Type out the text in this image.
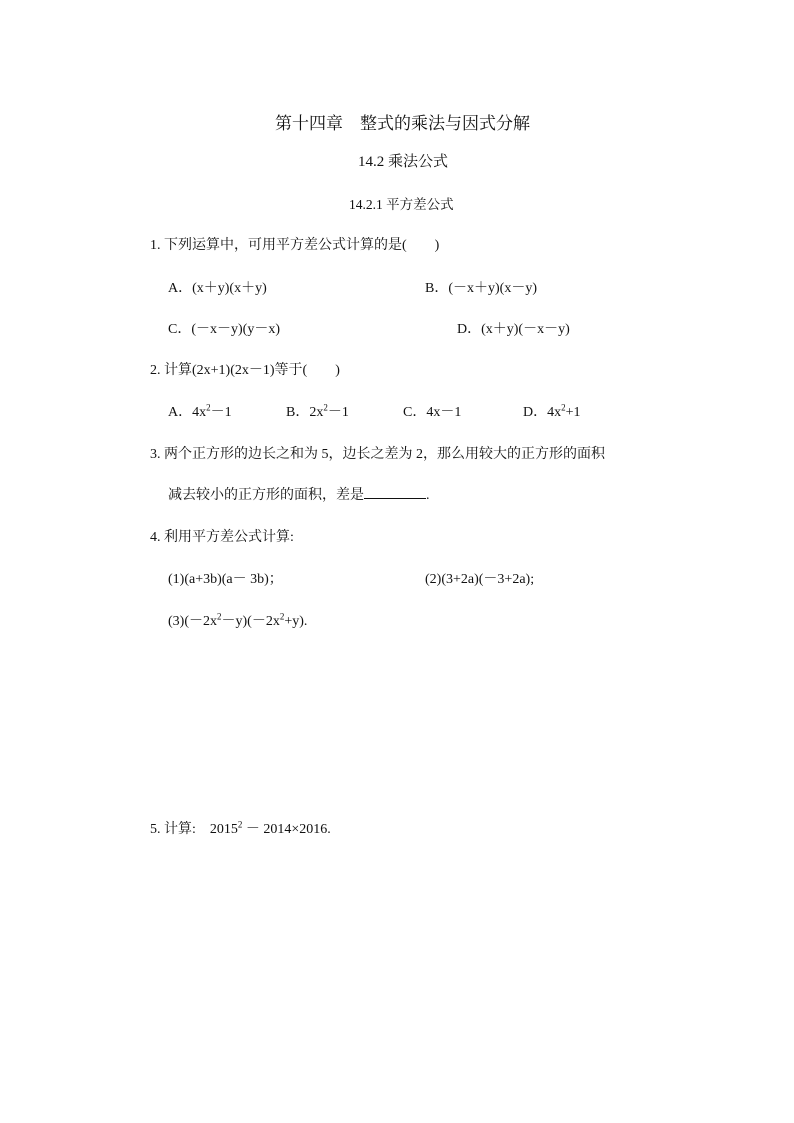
第十四章　整式的乘法与因式分解
14.2 乘法公式
14.2.1 平方差公式
1. 下列运算中，可用平方差公式计算的是(　　)
A．(x＋y)(x＋y)	B．(－x＋y)(x－y)
C．(－x－y)(y－x)	D．(x＋y)(－x－y)
2. 计算(2x+1)(2x－1)等于(　　)
A．$4x^2-1$	B．$2x^2-1$	C．4x－1	D．$4x^2+1$
3. 两个正方形的边长之和为 5，边长之差为 2，那么用较大的正方形的面积
减去较小的正方形的面积，差是	.
4. 利用平方差公式计算:
(1)(a+3b)(a－ 3b)；	(2)(3+2a)(－3+2a);
$(3)(-2x^2-y)(-2x^2+y)$.
5. 计算:　$2015^2 - 2014\times 2016$.
